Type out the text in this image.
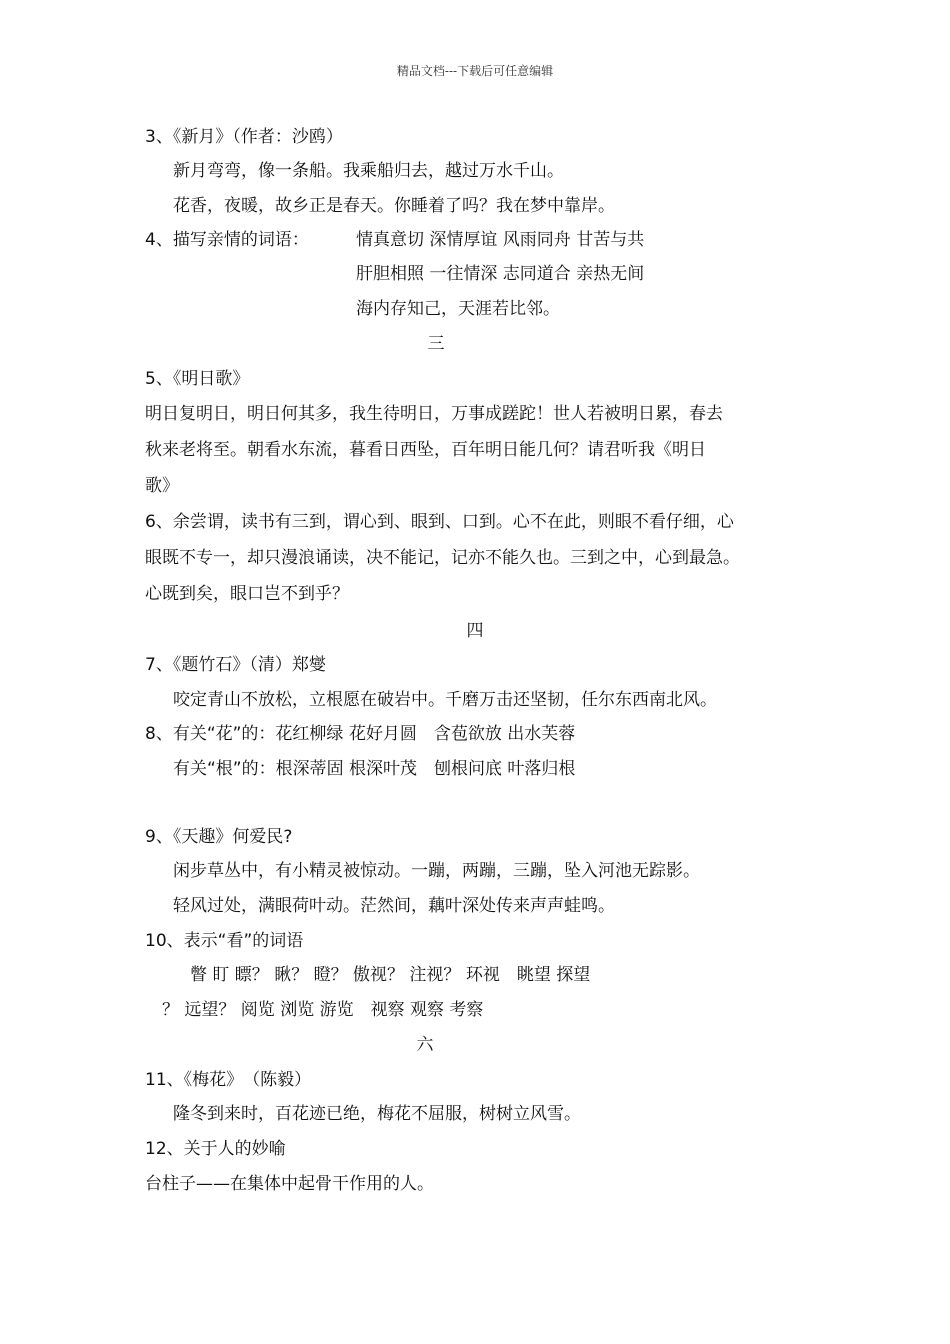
精品文档---下载后可任意编辑
3、《新月》（作者：沙鸥）
新月弯弯，像一条船。我乘船归去，越过万水千山。
花香，夜暖，故乡正是春天。你睡着了吗？我在梦中靠岸。
4、描写亲情的词语：	情真意切 深情厚谊 风雨同舟 甘苦与共
肝胆相照 一往情深 志同道合 亲热无间
海内存知己，天涯若比邻。
三
5、《明日歌》
明日复明日，明日何其多，我生待明日，万事成蹉跎！世人若被明日累，春去
秋来老将至。朝看水东流，暮看日西坠，百年明日能几何？请君听我《明日
歌》
6、余尝谓，读书有三到，谓心到、眼到、口到。心不在此，则眼不看仔细，心
眼既不专一，却只漫浪诵读，决不能记，记亦不能久也。三到之中，心到最急。
心既到矣，眼口岂不到乎？
四
7、《题竹石》（清）郑燮
咬定青山不放松，立根愿在破岩中。千磨万击还坚韧，任尔东西南北风。
8、有关“花”的：花红柳绿 花好月圆　含苞欲放 出水芙蓉
有关“根”的：根深蒂固 根深叶茂　刨根问底 叶落归根
9、《天趣》何爱民?
闲步草丛中，有小精灵被惊动。一蹦，两蹦，三蹦，坠入河池无踪影。
轻风过处，满眼荷叶动。茫然间，藕叶深处传来声声蛙鸣。
10、表示“看”的词语
瞥 盯 瞟？ 瞅？ 瞪？ 傲视？ 注视？ 环视　眺望 探望
？ 远望？ 阅览 浏览 游览　视察 观察 考察
六
11、《梅花》　（陈毅）
隆冬到来时，百花迹已绝，梅花不屈服，树树立风雪。
12、关于人的妙喻
台柱子——在集体中起骨干作用的人。
